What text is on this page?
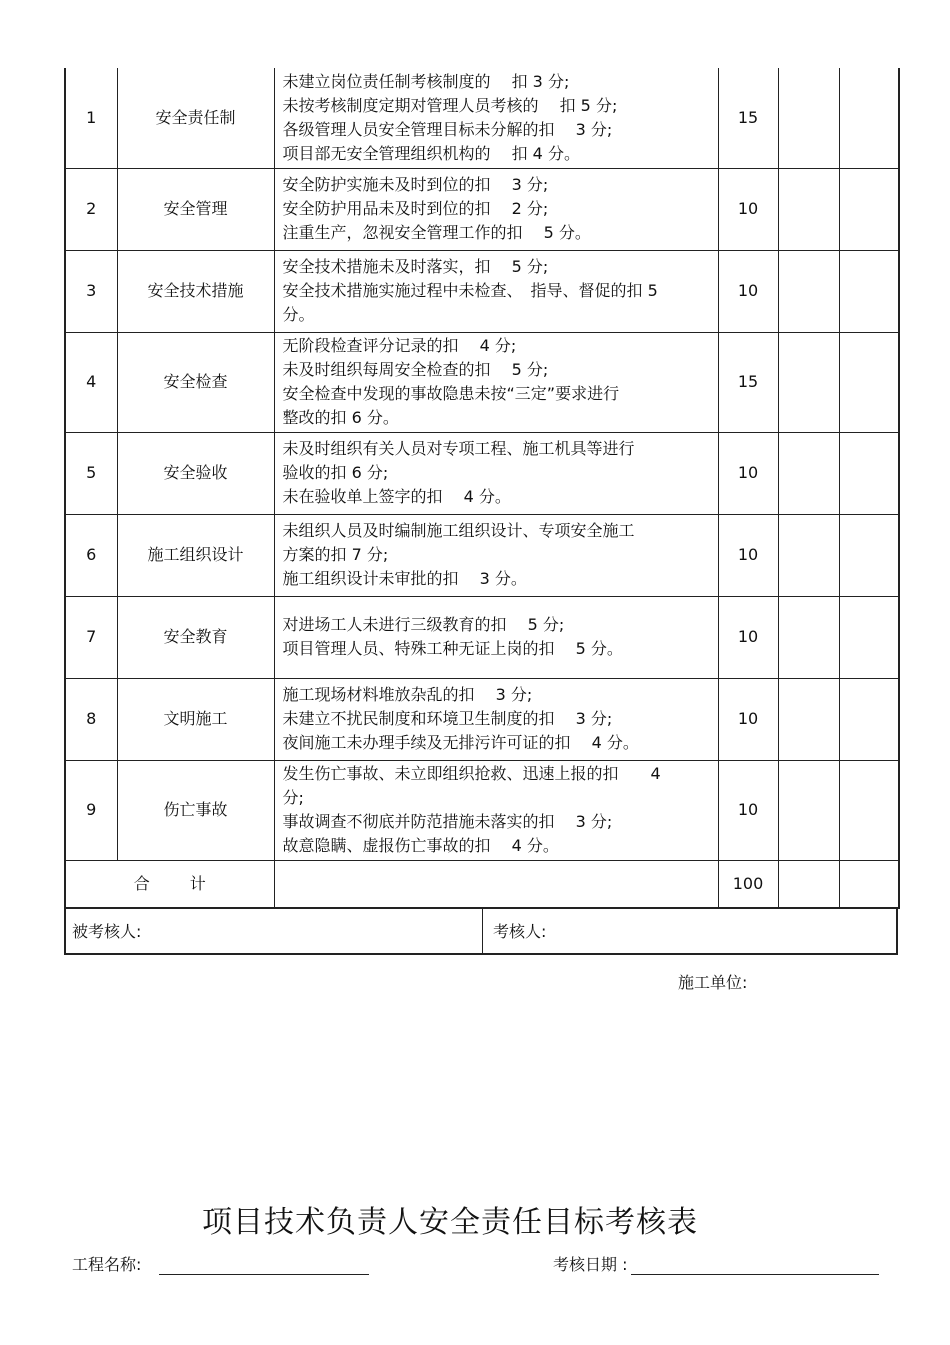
1	安全责任制	未建立岗位责任制考核制度的　 扣 3 分;
未按考核制度定期对管理人员考核的　 扣 5 分;
各级管理人员安全管理目标未分解的扣　 3 分;
项目部无安全管理组织机构的　 扣 4 分。	15		
2	安全管理	安全防护实施未及时到位的扣　 3 分;
安全防护用品未及时到位的扣　 2 分;
注重生产，忽视安全管理工作的扣　 5 分。	10		
3	安全技术措施	安全技术措施未及时落实，扣　 5 分;
安全技术措施实施过程中未检查、　指导、督促的扣 5
分。	10		
4	安全检查	无阶段检查评分记录的扣　 4 分;
未及时组织每周安全检查的扣　 5 分;
安全检查中发现的事故隐患未按“三定”要求进行
整改的扣 6 分。	15		
5	安全验收	未及时组织有关人员对专项工程、施工机具等进行
验收的扣 6 分;
未在验收单上签字的扣　 4 分。	10		
6	施工组织设计	未组织人员及时编制施工组织设计、专项安全施工
方案的扣 7 分;
施工组织设计未审批的扣　 3 分。	10		
7	安全教育	对进场工人未进行三级教育的扣　 5 分;
项目管理人员、特殊工种无证上岗的扣　 5 分。	10		
8	文明施工	施工现场材料堆放杂乱的扣　 3 分;
未建立不扰民制度和环境卫生制度的扣　 3 分;
夜间施工未办理手续及无排污许可证的扣　 4 分。	10		
9	伤亡事故	发生伤亡事故、未立即组织抢救、迅速上报的扣　　4
分;
事故调查不彻底并防范措施未落实的扣　 3 分;
故意隐瞒、虚报伤亡事故的扣　 4 分。	10		
合计			100		
被考核人:	考核人:
施工单位:
项目技术负责人安全责任目标考核表
工程名称:	考核日期 :
